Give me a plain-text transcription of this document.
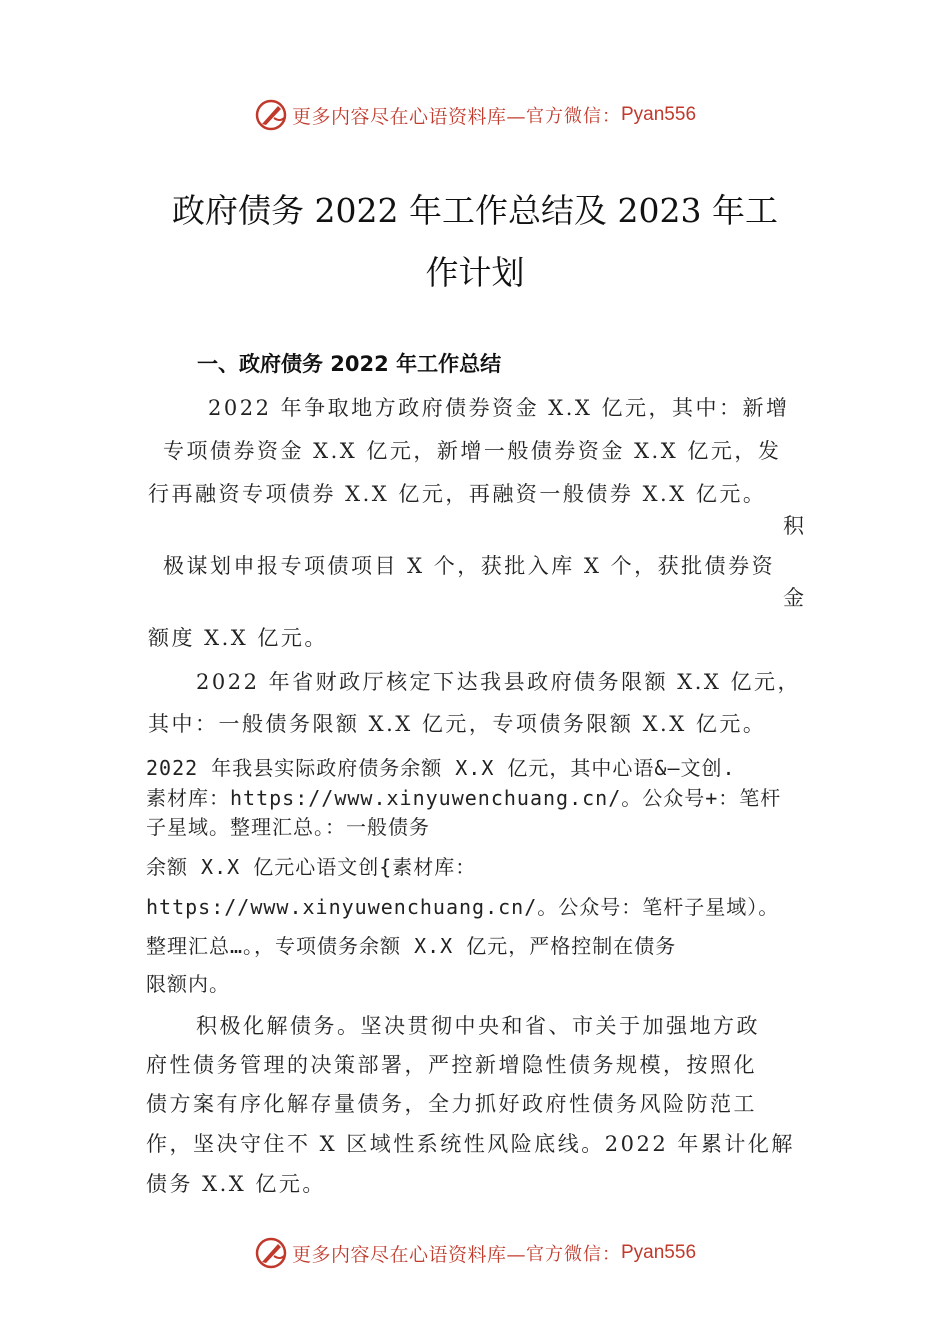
更多内容尽在心语资料库— 官方微信： Pyan556
政府债务 2022 年工作总结及 2023 年工
作计划
一、政府债务 2022 年工作总结
2022 年争取地方政府债券资金 X.X 亿元，其中：新增
专项债券资金 X.X 亿元，新增一般债券资金 X.X 亿元，发
行再融资专项债券 X.X 亿元，再融资一般债券 X.X 亿元。
积
极谋划申报专项债项目 X 个，获批入库 X 个，获批债券资
金
额度 X.X 亿元。
2022 年省财政厅核定下达我县政府债务限额 X.X 亿元，
其中：一般债务限额 X.X 亿元，专项债务限额 X.X 亿元。
2022 年我县实际政府债务余额 X.X 亿元，其中心语&—文创.
素材库：https://www.xinyuwenchuang.cn/。公众号+：笔杆
子星域。整理汇总。：一般债务
余额 X.X 亿元心语文创{素材库：
https://www.xinyuwenchuang.cn/。公众号：笔杆子星域）。
整理汇总…。，专项债务余额 X.X 亿元，严格控制在债务
限额内。
积极化解债务。坚决贯彻中央和省、市关于加强地方政
府性债务管理的决策部署，严控新增隐性债务规模，按照化
债方案有序化解存量债务，全力抓好政府性债务风险防范工
作，坚决守住不 X 区域性系统性风险底线。2022 年累计化解
债务 X.X 亿元。
更多内容尽在心语资料库— 官方微信： Pyan556
